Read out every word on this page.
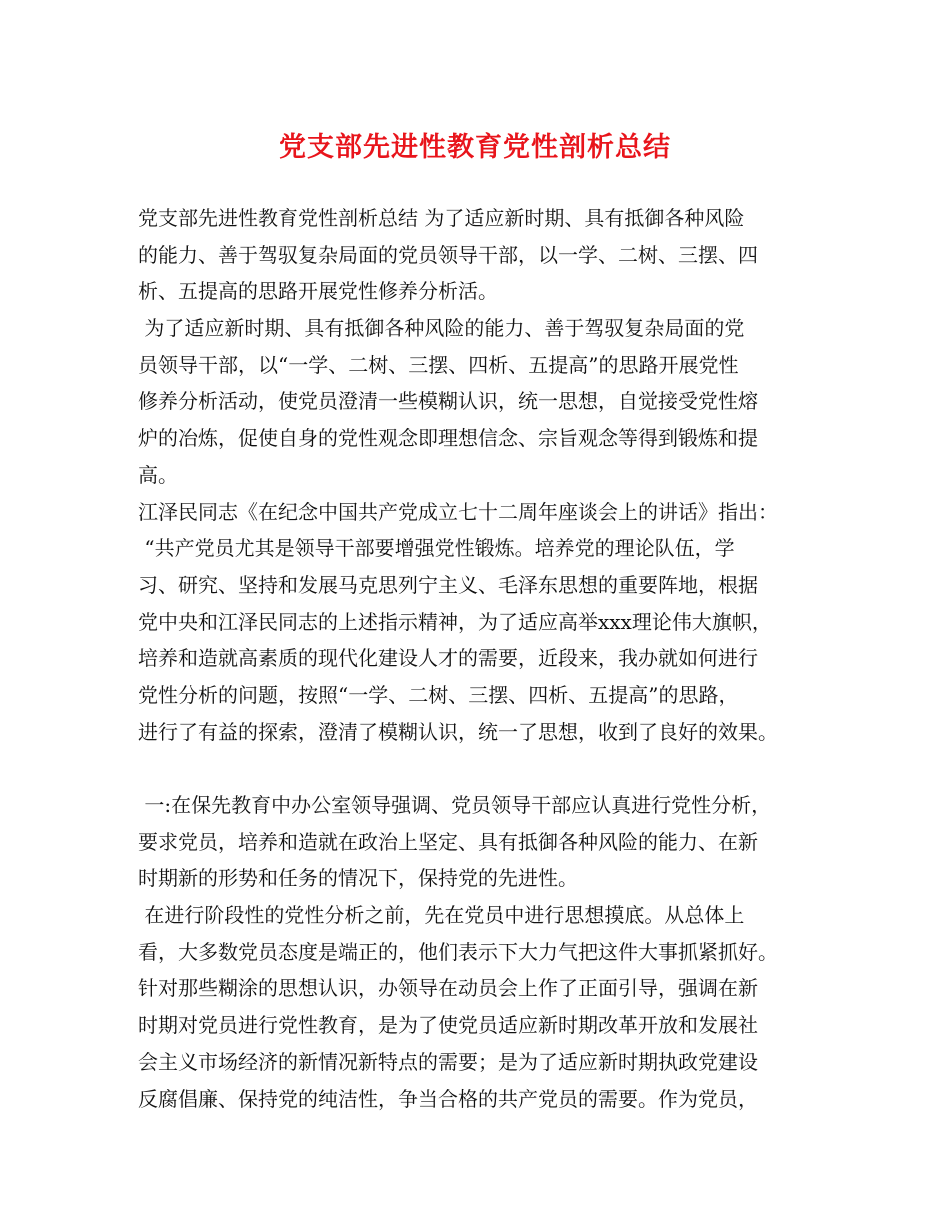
党支部先进性教育党性剖析总结
党支部先进性教育党性剖析总结 为了适应新时期、具有抵御各种风险
的能力、善于驾驭复杂局面的党员领导干部，以一学、二树、三摆、四
析、五提高的思路开展党性修养分析活。
为了适应新时期、具有抵御各种风险的能力、善于驾驭复杂局面的党
员领导干部，以“一学、二树、三摆、四析、五提高”的思路开展党性
修养分析活动，使党员澄清一些模糊认识，统一思想，自觉接受党性熔
炉的冶炼，促使自身的党性观念即理想信念、宗旨观念等得到锻炼和提
高。
江泽民同志《在纪念中国共产党成立七十二周年座谈会上的讲话》指出：
“共产党员尤其是领导干部要增强党性锻炼。培养党的理论队伍，学
习、研究、坚持和发展马克思列宁主义、毛泽东思想的重要阵地，根据
党中央和江泽民同志的上述指示精神，为了适应高举xxx理论伟大旗帜，
培养和造就高素质的现代化建设人才的需要，近段来，我办就如何进行
党性分析的问题，按照“一学、二树、三摆、四析、五提高”的思路，
进行了有益的探索，澄清了模糊认识，统一了思想，收到了良好的效果。
一:在保先教育中办公室领导强调、党员领导干部应认真进行党性分析，
要求党员，培养和造就在政治上坚定、具有抵御各种风险的能力、在新
时期新的形势和任务的情况下，保持党的先进性。
在进行阶段性的党性分析之前，先在党员中进行思想摸底。从总体上
看，大多数党员态度是端正的，他们表示下大力气把这件大事抓紧抓好。
针对那些糊涂的思想认识，办领导在动员会上作了正面引导，强调在新
时期对党员进行党性教育，是为了使党员适应新时期改革开放和发展社
会主义市场经济的新情况新特点的需要；是为了适应新时期执政党建设
反腐倡廉、保持党的纯洁性，争当合格的共产党员的需要。作为党员，
